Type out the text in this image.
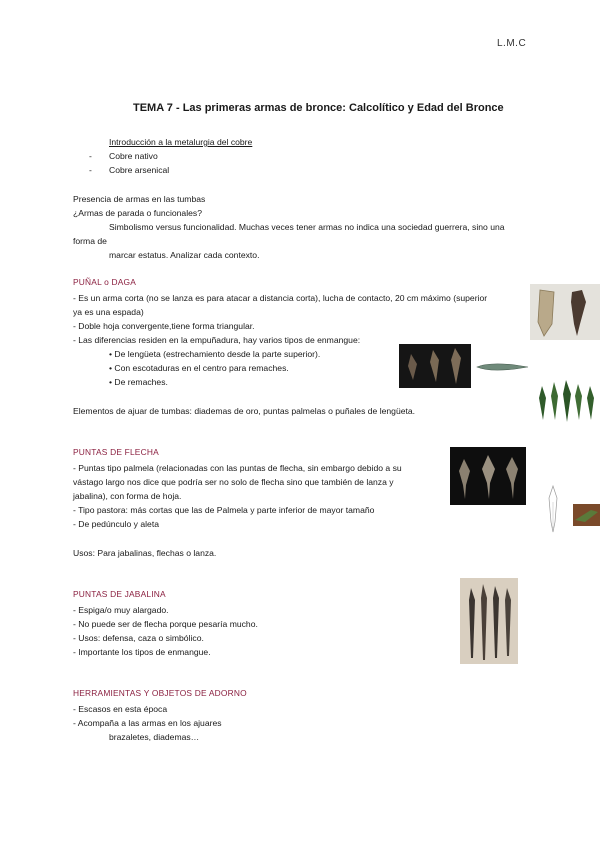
L.M.C
TEMA 7 - Las primeras armas de bronce: Calcolítico y Edad del Bronce
Introducción a la metalurgia del cobre
- Cobre nativo
- Cobre arsenical
Presencia de armas en las tumbas
¿Armas de parada o funcionales?
Simbolismo versus funcionalidad. Muchas veces tener armas no indica una sociedad guerrera, sino una
forma de
marcar estatus. Analizar cada contexto.
PUÑAL o DAGA
- Es un arma corta (no se lanza es para atacar a distancia corta), lucha de contacto, 20 cm máximo (superior
ya es una espada)
- Doble hoja convergente,tiene forma triangular.
- Las diferencias residen en la empuñadura, hay varios tipos de enmangue:
• De lengüeta (estrechamiento desde la parte superior).
• Con escotaduras en el centro para remaches.
• De remaches.
Elementos de ajuar de tumbas: diademas de oro, puntas palmelas o puñales de lengüeta.
PUNTAS DE FLECHA
- Puntas tipo palmela (relacionadas con las puntas de flecha, sin embargo debido a su
vástago largo nos dice que podría ser no solo de flecha sino que también de lanza y
jabalina), con forma de hoja.
- Tipo pastora: más cortas que las de Palmela y parte inferior de mayor tamaño
- De pedúnculo y aleta
Usos: Para jabalinas, flechas o lanza.
PUNTAS DE JABALINA
- Espiga/o muy alargado.
- No puede ser de flecha porque pesaría mucho.
- Usos: defensa, caza o simbólico.
- Importante los tipos de enmangue.
HERRAMIENTAS Y OBJETOS DE ADORNO
- Escasos en esta época
- Acompaña a las armas en los ajuares
brazaletes, diademas…
